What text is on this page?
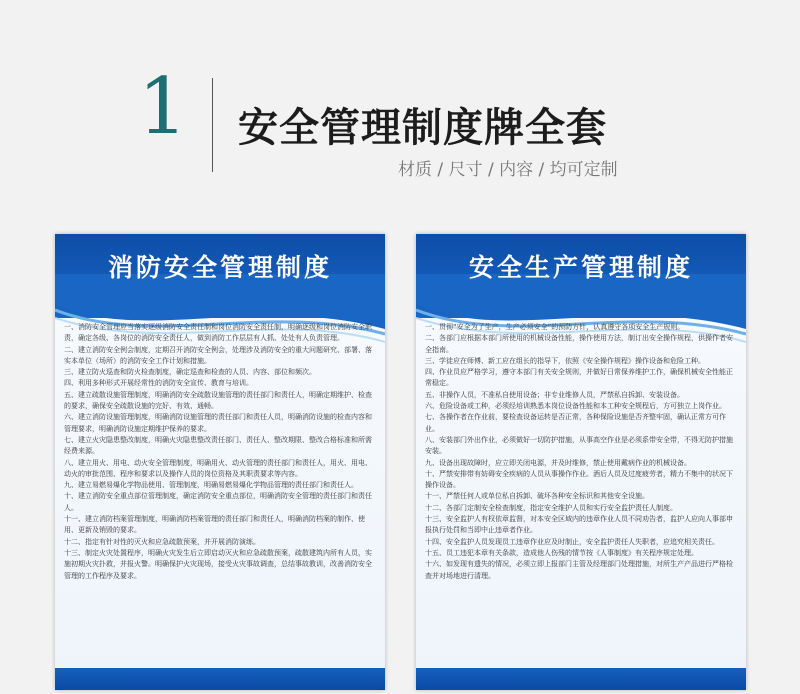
1 安全管理制度牌全套
材质 / 尺寸 / 内容 / 均可定制
消防安全管理制度

一、消防安全管理应当落实逐级消防安全责任制和岗位消防安全责任制，明确逐级和岗位消防安全职责，确定各级、各岗位的消防安全责任人，做到消防工作层层有人抓、处处有人负责管理。

二、建立消防安全例会制度，定期召开消防安全例会，处理涉及消防安全的重大问题研究、部署、落实本单位（场所）的消防安全工作计划和措施。

三、建立防火巡查和防火检查制度，确定巡查和检查的人员、内容、部位和频次。

四、利用多种形式开展经常性的消防安全宣传、教育与培训。

五、建立疏散设施管理制度，明确消防安全疏散设施管理的责任部门和责任人，明确定期维护、检查的要求，确保安全疏散设施的完好、有效、通畅。

六、建立消防设施管理制度，明确消防设施管理的责任部门和责任人员，明确消防设施的检查内容和管理要求，明确消防设施定期维护保养的要求。

七、建立火灾隐患整改制度，明确火灾隐患整改责任部门、责任人、整改期限、整改合格标准和所需经费来源。

八、建立用火、用电、动火安全管理制度，明确用火、动火管理的责任部门和责任人，用火、用电、动火的审批范围、程序和要求以及操作人员的岗位资格及其职责要求等内容。

九、建立易燃易爆化学物品使用、管理制度，明确易燃易爆化学物品管理的责任部门和责任人。

十、建立消防安全重点部位管理制度，确定消防安全重点部位，明确消防安全管理的责任部门和责任人。

十一、建立消防档案管理制度，明确消防档案管理的责任部门和责任人，明确消防档案的制作、使用、更新及销毁的要求。

十二、指定有针对性的灭火和应急疏散预案，并开展消防演练。

十三、制定火灾处置程序，明确火灾发生后立即启动灭火和应急疏散预案，疏散建筑内所有人员，实施初期火灾扑救，并报火警。明确保护火灾现场，接受火灾事故调查，总结事故教训，改善消防安全管理的工作程序及要求。

安全生产管理制度

一、贯彻“安全为了生产，生产必须安全”的预防方针，认真遵守各项安全生产规则。

二、各部门应根据本部门所使用的机械设备性能，操作使用方法，制订出安全操作规程，供操作者安全指南。

三、学徒应在师傅、新工应在组长的指导下，依照《安全操作规程》操作设备和危险工种。

四、作业员应严格学习，遵守本部门有关安全规则，并做好日常保养维护工作，确保机械安全性能正常稳定。

五、非操作人员，不准私自使用设备；非专业维修人员，严禁私自拆卸、安装设备。

六、危险设备或工种，必须经培训熟悉本岗位设备性能和本工种安全规程后，方可独立上岗作业。

七、各操作者在作业前，要检查设备运转是否正常，各种保险设施是否齐整牢固，确认正常方可作业。

八、安装部门外出作业，必须做好一切防护措施，从事高空作业是必须系带安全带，不得无防护措施安装。

九、设备出现故障时，应立即关闭电源，并及时维修，禁止使用戴病作业的机械设备。

十、严禁安排带有妨碍安全疾病的人员从事操作作业。酒后人员及过度疲劳者，精力不集中的状况下操作设备。

十一、严禁任何人或单位私自拆卸、破坏各种安全标识和其他安全设施。

十二、各部门定制安全检查制度，指定安全维护人员和实行安全监护责任人制度。

十三、安全监护人有权依章监督，对本安全区域内的违章作业人员不同劝告者，监护人应向人事部申报执行处罚和当即中止违章者作业。

十四、安全监护人员发现员工违章作业应及时制止，安全监护责任人失职者，应追究相关责任。

十五、员工违犯本章有关条款，造成他人伤残的情节按《人事制度》有关程序规定处理。

十六、如发现有遗失的情况，必须立即上报部门主管及经理部门处理措施，对所生产产品进行严格检查并对场地进行清理。
